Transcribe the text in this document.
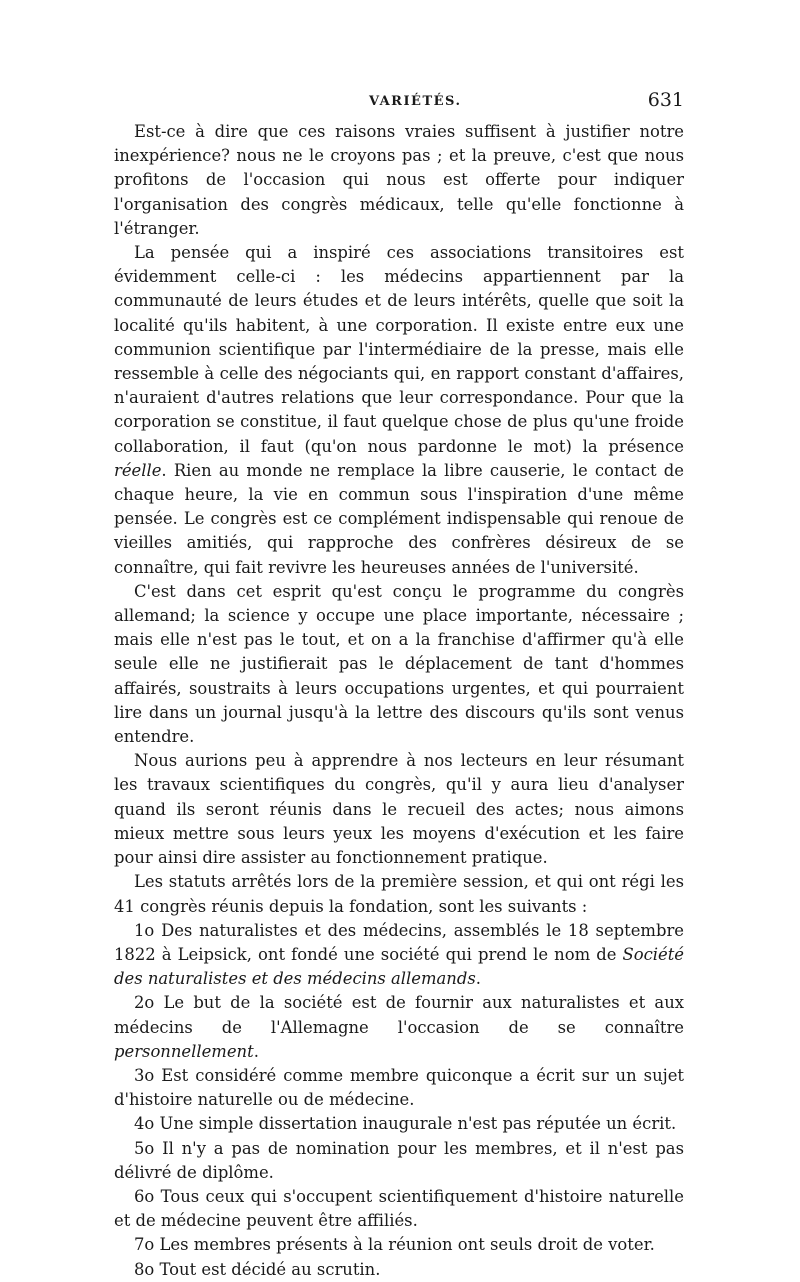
VARIÉTÉS.	631

Est-ce à dire que ces raisons vraies suffisent à justifier notre inexpérience? nous ne le croyons pas ; et la preuve, c'est que nous profitons de l'occasion qui nous est offerte pour indiquer l'organisation des congrès médicaux, telle qu'elle fonctionne à l'étranger.

La pensée qui a inspiré ces associations transitoires est évidemment celle-ci : les médecins appartiennent par la communauté de leurs études et de leurs intérêts, quelle que soit la localité qu'ils habitent, à une corporation. Il existe entre eux une communion scientifique par l'intermédiaire de la presse, mais elle ressemble à celle des négociants qui, en rapport constant d'affaires, n'auraient d'autres relations que leur correspondance. Pour que la corporation se constitue, il faut quelque chose de plus qu'une froide collaboration, il faut (qu'on nous pardonne le mot) la présence réelle. Rien au monde ne remplace la libre causerie, le contact de chaque heure, la vie en commun sous l'inspiration d'une même pensée. Le congrès est ce complément indispensable qui renoue de vieilles amitiés, qui rapproche des confrères désireux de se connaître, qui fait revivre les heureuses années de l'université.

C'est dans cet esprit qu'est conçu le programme du congrès allemand; la science y occupe une place importante, nécessaire ; mais elle n'est pas le tout, et on a la franchise d'affirmer qu'à elle seule elle ne justifierait pas le déplacement de tant d'hommes affairés, soustraits à leurs occupations urgentes, et qui pourraient lire dans un journal jusqu'à la lettre des discours qu'ils sont venus entendre.

Nous aurions peu à apprendre à nos lecteurs en leur résumant les travaux scientifiques du congrès, qu'il y aura lieu d'analyser quand ils seront réunis dans le recueil des actes; nous aimons mieux mettre sous leurs yeux les moyens d'exécution et les faire pour ainsi dire assister au fonctionnement pratique.

Les statuts arrêtés lors de la première session, et qui ont régi les 41 congrès réunis depuis la fondation, sont les suivants :

1o Des naturalistes et des médecins, assemblés le 18 septembre 1822 à Leipsick, ont fondé une société qui prend le nom de Société des naturalistes et des médecins allemands.

2o Le but de la société est de fournir aux naturalistes et aux médecins de l'Allemagne l'occasion de se connaître personnellement.

3o Est considéré comme membre quiconque a écrit sur un sujet d'histoire naturelle ou de médecine.

4o Une simple dissertation inaugurale n'est pas réputée un écrit.

5o Il n'y a pas de nomination pour les membres, et il n'est pas délivré de diplôme.

6o Tous ceux qui s'occupent scientifiquement d'histoire naturelle et de médecine peuvent être affiliés.

7o Les membres présents à la réunion ont seuls droit de voter.

8o Tout est décidé au scrutin.
